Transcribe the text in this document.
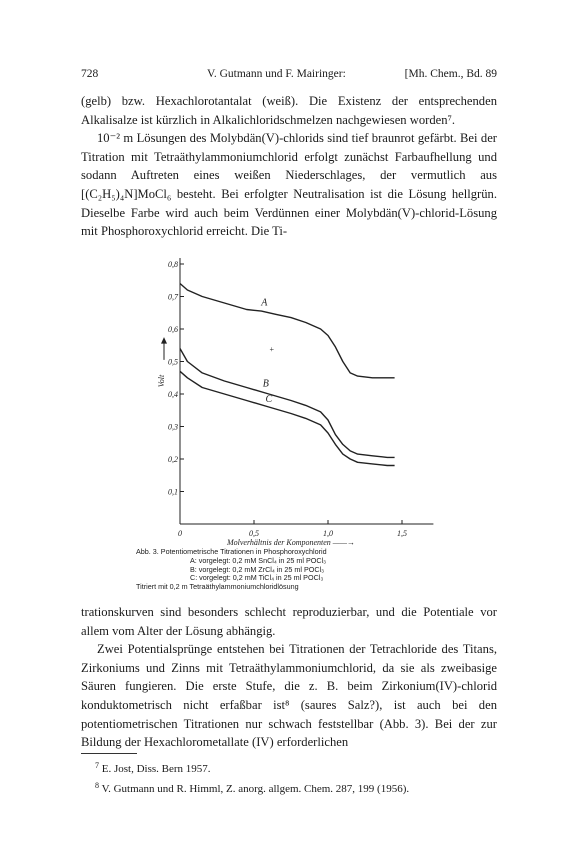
728	V. Gutmann und F. Mairinger:	[Mh. Chem., Bd. 89

(gelb) bzw. Hexachlorotantalat (weiß). Die Existenz der entsprechenden Alkalisalze ist kürzlich in Alkalichloridschmelzen nachgewiesen worden⁷.

10⁻² m Lösungen des Molybdän(V)-chlorids sind tief braunrot gefärbt. Bei der Titration mit Tetraäthylammoniumchlorid erfolgt zunächst Farbaufhellung und sodann Auftreten eines weißen Niederschlages, der vermutlich aus [(C₂H₅)₄N]MoCl₆ besteht. Bei erfolgter Neutralisation ist die Lösung hellgrün. Dieselbe Farbe wird auch beim Verdünnen einer Molybdän(V)-chlorid-Lösung mit Phosphoroxychlorid erreicht. Die Ti-

0,8
0,7
0,6
0,5
0,4
0,3
0,2
0,1
0	0,5	1,0	1,5
Volt
Molverhältnis der Komponenten ——→
A
B
C
+
Abb. 3. Potentiometrische Titrationen in Phosphoroxychlorid
A: vorgelegt: 0,2 mM SnCl₄ in 25 ml POCl₃
B: vorgelegt: 0,2 mM ZrCl₄ in 25 ml POCl₃
C: vorgelegt: 0,2 mM TiCl₄ in 25 ml POCl₃
Titriert mit 0,2 m Tetraäthylammoniumchloridlösung

trationskurven sind besonders schlecht reproduzierbar, und die Potentiale vor allem vom Alter der Lösung abhängig.

Zwei Potentialsprünge entstehen bei Titrationen der Tetrachloride des Titans, Zirkoniums und Zinns mit Tetraäthylammoniumchlorid, da sie als zweibasige Säuren fungieren. Die erste Stufe, die z. B. beim Zirkonium(IV)-chlorid konduktometrisch nicht erfaßbar ist⁸ (saures Salz?), ist auch bei den potentiometrischen Titrationen nur schwach feststellbar (Abb. 3). Bei der zur Bildung der Hexachlorometallate (IV) erforderlichen

$^7$ E. Jost, Diss. Bern 1957.
$^8$ V. Gutmann und R. Himml, Z. anorg. allgem. Chem. 287, 199 (1956).
